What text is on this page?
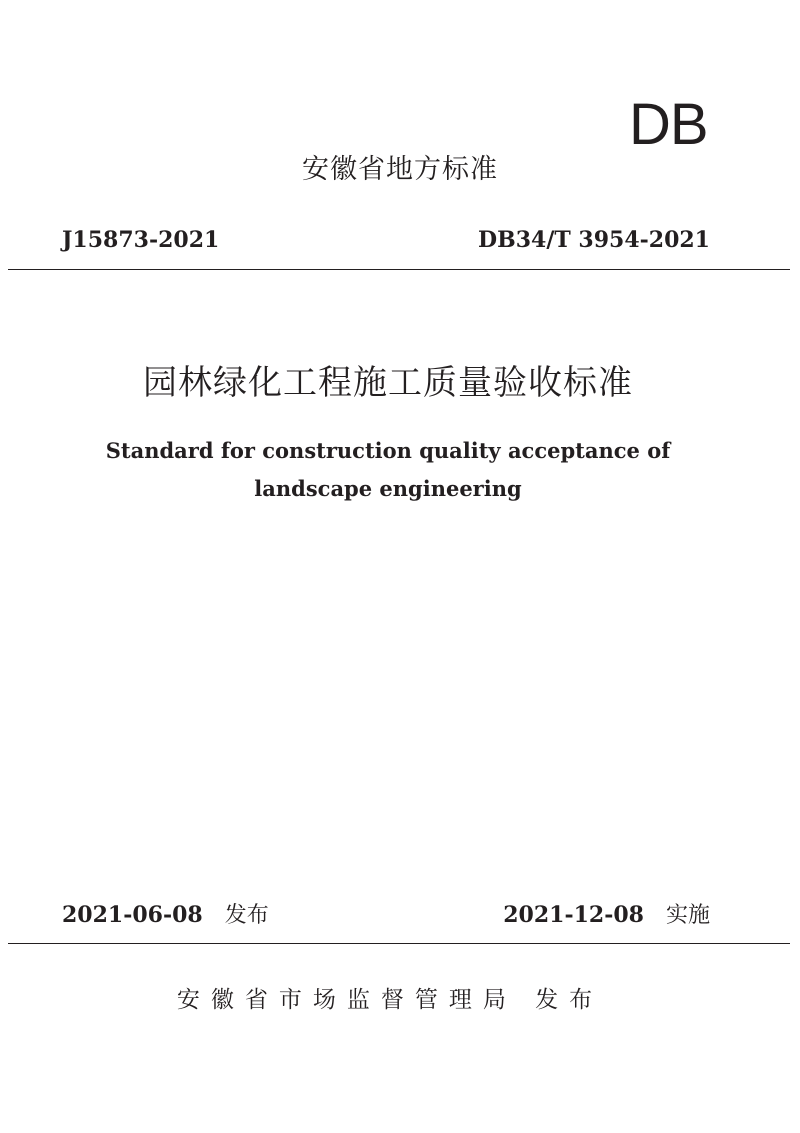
DB
安徽省地方标准
J15873-2021	DB34/T 3954-2021
园林绿化工程施工质量验收标准
Standard for construction quality acceptance of
landscape engineering
2021-06-08 发布	2021-12-08 实施
安徽省市场监督管理局 发布
